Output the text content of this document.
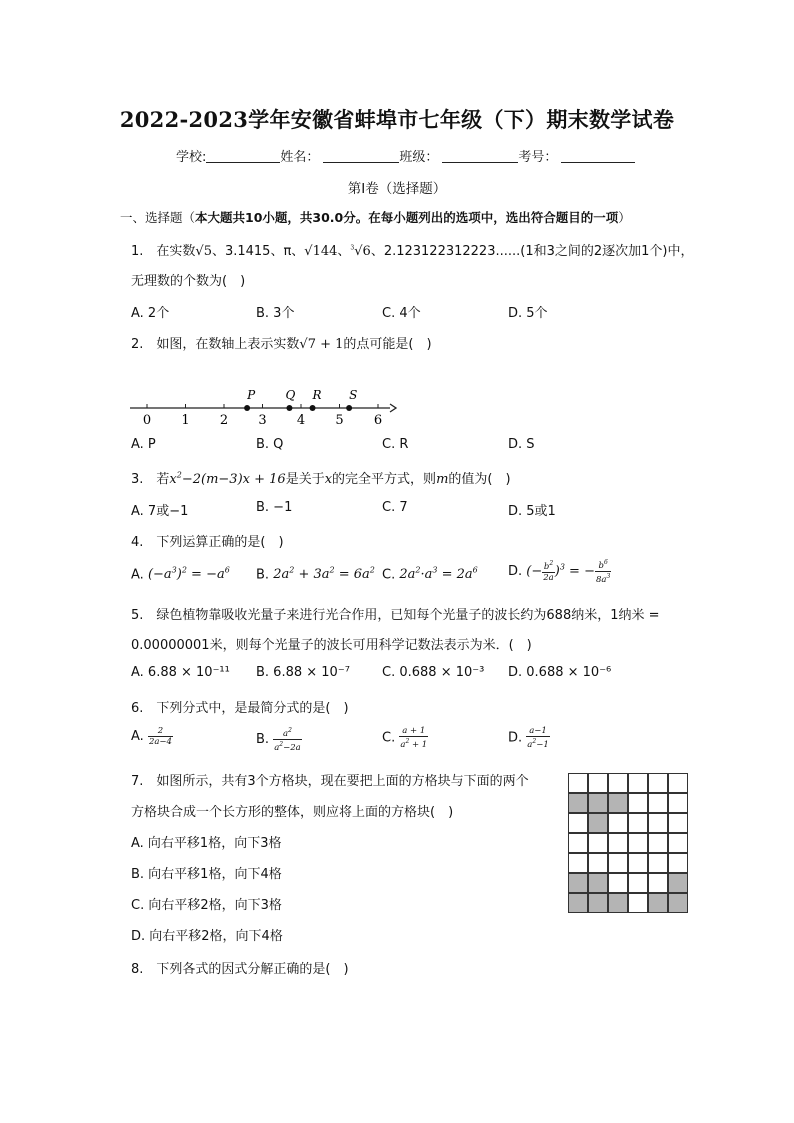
2022-2023学年安徽省蚌埠市七年级（下）期末数学试卷
学校:	姓名：	班级：	考号：
第Ⅰ卷（选择题）
一、选择题（本大题共10小题，共30.0分。在每小题列出的选项中，选出符合题目的一项）
1.　在实数√5、3.1415、π、√144、$^3$√6、2.123122312223......(1和3之间的2逐次加1个)中，
无理数的个数为(　)
A. 2个	B. 3个	C. 4个	D. 5个
2.　如图，在数轴上表示实数√7 + 1的点可能是(　)
0 1 2 3 4 5 6
P	Q R S
A. P	B. Q	C. R	D. S
3.　若$x^2-2(m-3)x + 16$是关于x的完全平方式，则m的值为(　)
A. 7或−1	B. −1	C. 7	D. 5或1
4.　下列运算正确的是(　)
A. $(-a^3)^2 = -a^6$ B. $2a^2 + 3a^2 = 6a^2$ C. $2a^2\cdot a^3 = 2a^6$ D. (− $\frac{b^2}{2a} )^3$ = − $\frac{b^6}{8a^3}$
5.　绿色植物靠吸收光量子来进行光合作用，已知每个光量子的波长约为688纳米，1纳米 =
0.00000001米，则每个光量子的波长可用科学记数法表示为米．(　)
A. 6.88 × 10⁻¹¹ B. 6.88 × 10⁻⁷ C. 0.688 × 10⁻³ D. 0.688 × 10⁻⁶
6.　下列分式中，是最简分式的是(　)
A. $\frac{2}{2a-4}$	B. $\frac{a^2}{a^2-2a}$	C. $\frac{a + 1}{a^2 + 1}$	D. $\frac{a-1}{a^2-1}$
7.　如图所示，共有3个方格块，现在要把上面的方格块与下面的两个
方格块合成一个长方形的整体，则应将上面的方格块(　)
A. 向右平移1格，向下3格
B. 向右平移1格，向下4格
C. 向右平移2格，向下3格
D. 向右平移2格，向下4格
8.　下列各式的因式分解正确的是(　)
